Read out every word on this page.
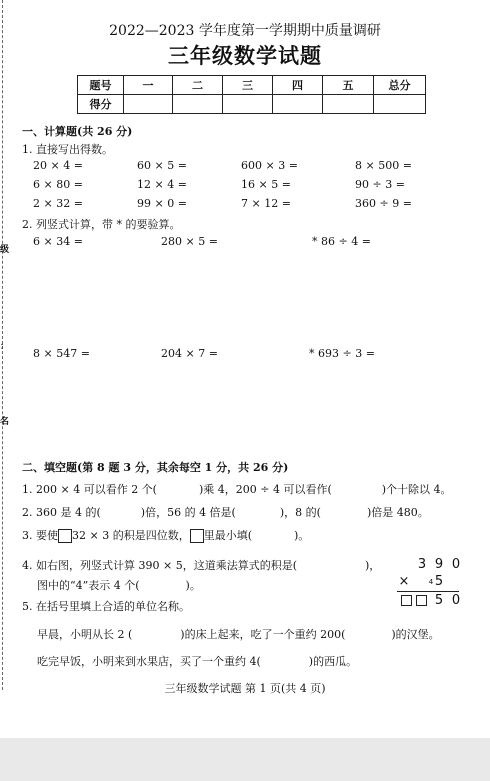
级
：
名
2022—2023 学年度第一学期期中质量调研
三年级数学试题
题号	一	二	三	四	五	总分
得分						
一、计算题(共 26 分)
1. 直接写出得数。
20 × 4 =	60 × 5 =	600 × 3 =	8 × 500 =
6 × 80 =	12 × 4 =	16 × 5 =	90 ÷ 3 =
2 × 32 =	99 × 0 =	7 × 12 =	360 ÷ 9 =
2. 列竖式计算，带 * 的要验算。
6 × 34 =	280 × 5 =	* 86 ÷ 4 =
8 × 547 =	204 × 7 =	* 693 ÷ 3 =
二、填空题(第 8 题 3 分，其余每空 1 分，共 26 分)
1. 200 × 4 可以看作 2 个(	)乘 4，200 ÷ 4 可以看作(	)个十除以 4。
2. 360 是 4 的(	)倍，56 的 4 倍是(	)，8 的(	)倍是 480。
3. 要使 32 × 3 的积是四位数， 里最小填(	)。
4. 如右图，列竖式计算 390 × 5，这道乘法算式的积是(	)，
图中的“4”表示 4 个(	)。
5. 在括号里填上合适的单位名称。
早晨，小明从长 2 (	)的床上起来，吃了一个重约 200(	)的汉堡。
吃完早饭，小明来到水果店，买了一个重约 4(	)的西瓜。
3 9 0
×	4 5
5 0
三年级数学试题 第 1 页(共 4 页)
